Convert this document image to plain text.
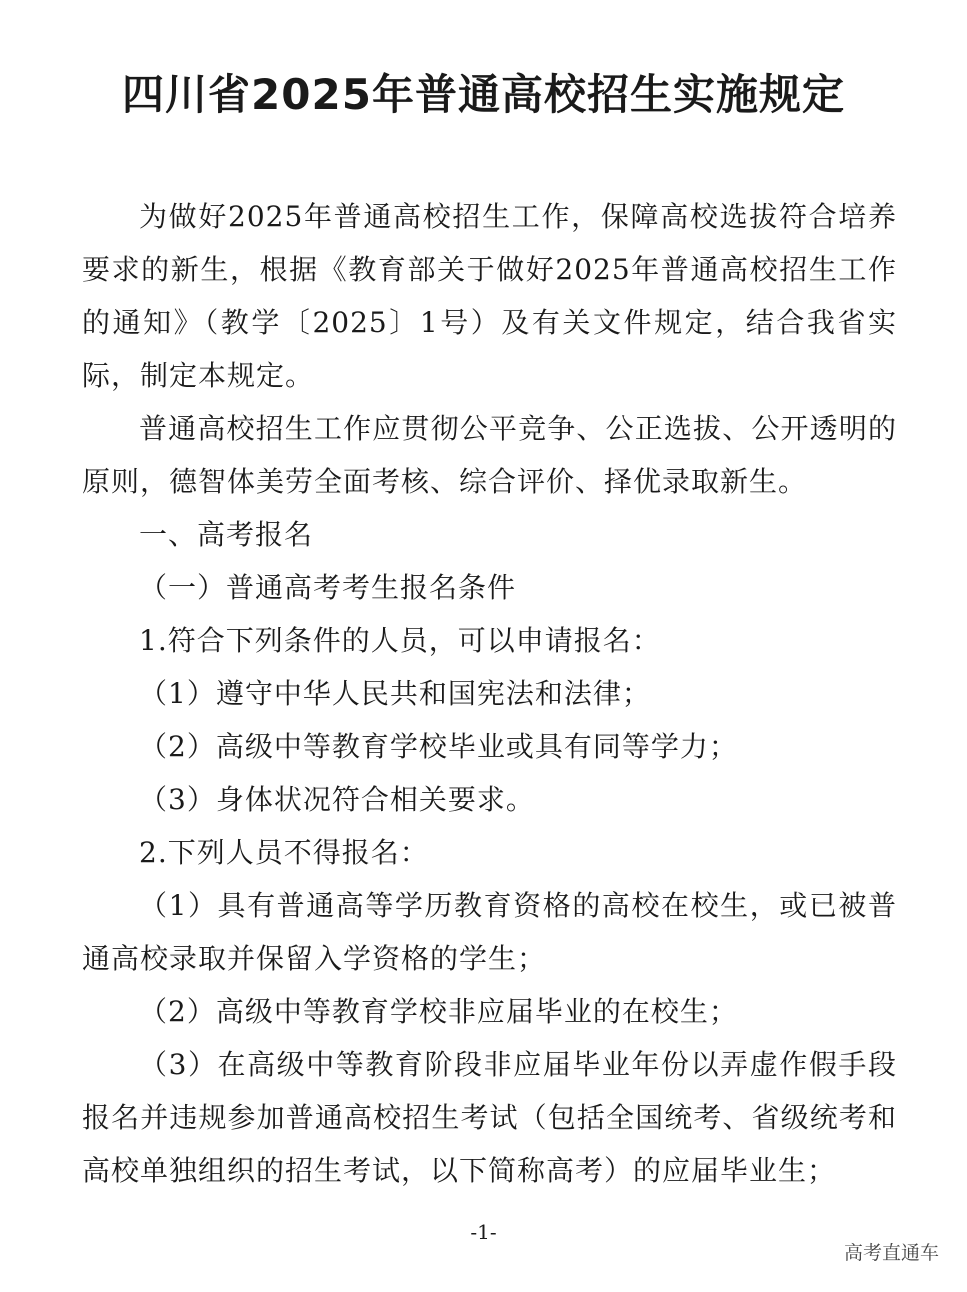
四川省2025年普通高校招生实施规定

为做好2025年普通高校招生工作，保障高校选拔符合培养要求的新生，根据《教育部关于做好2025年普通高校招生工作的通知》（教学〔2025〕1号）及有关文件规定，结合我省实际，制定本规定。

普通高校招生工作应贯彻公平竞争、公正选拔、公开透明的原则，德智体美劳全面考核、综合评价、择优录取新生。

一、高考报名

（一）普通高考考生报名条件

1.符合下列条件的人员，可以申请报名：

（1）遵守中华人民共和国宪法和法律；

（2）高级中等教育学校毕业或具有同等学力；

（3）身体状况符合相关要求。

2.下列人员不得报名：

（1）具有普通高等学历教育资格的高校在校生，或已被普通高校录取并保留入学资格的学生；

（2）高级中等教育学校非应届毕业的在校生；

（3）在高级中等教育阶段非应届毕业年份以弄虚作假手段报名并违规参加普通高校招生考试（包括全国统考、省级统考和高校单独组织的招生考试，以下简称高考）的应届毕业生；

-1-
高考直通车
